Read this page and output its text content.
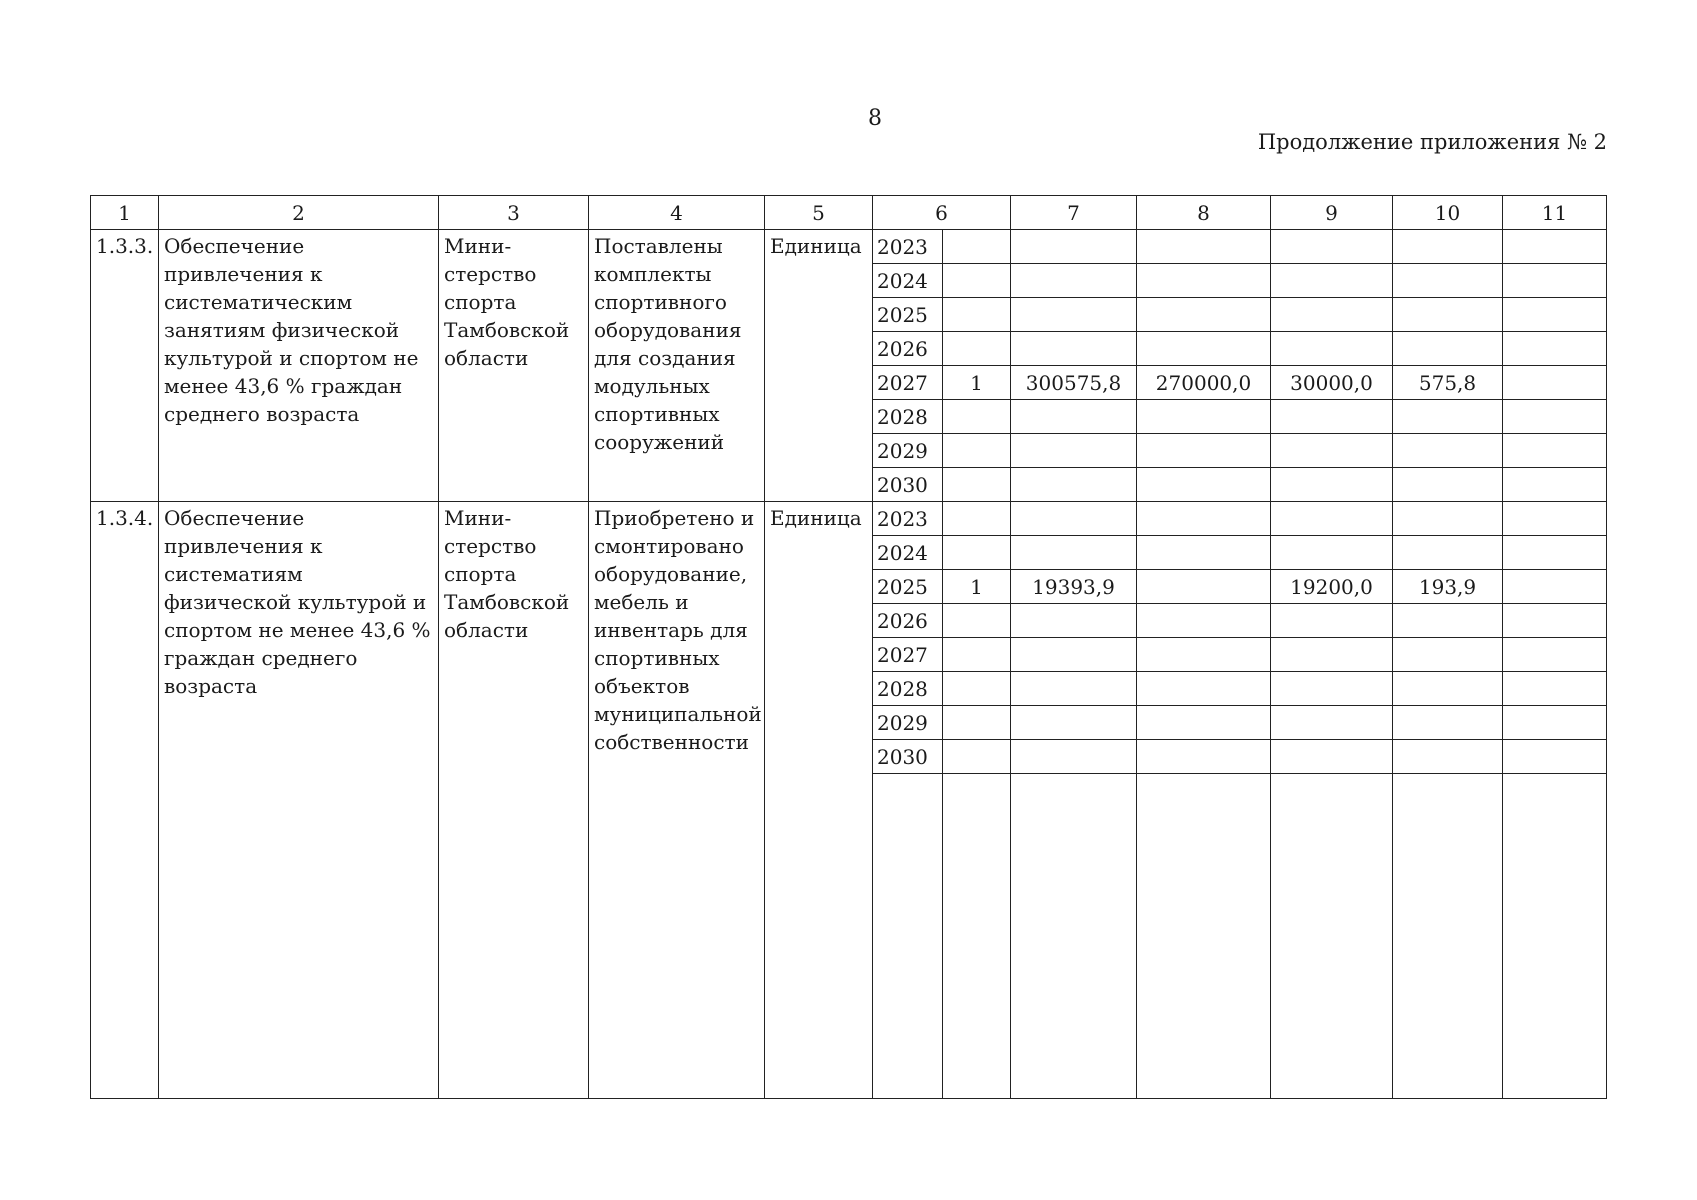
8
Продолжение приложения № 2
1	2	3	4	5	6		7	8	9	10	11
1.3.3.	Обеспечение привлечения к систематическим занятиям физической культурой и спортом не менее 43,6 % граждан среднего возраста	Мини-стерство спорта Тамбовской области	Поставлены комплекты спортивного оборудования для создания модульных спортивных сооружений	Единица	2023						
					2024						
					2025						
					2026						
					2027	1	300575,8	270000,0	30000,0	575,8	
					2028						
					2029						
					2030						
1.3.4.	Обеспечение привлечения к систематиям физической культурой и спортом не менее 43,6 % граждан среднего возраста	Мини-стерство спорта Тамбовской области	Приобретено и смонтировано оборудование, мебель и инвентарь для спортивных объектов муниципальной собственности	Единица	2023						
					2024						
					2025	1	19393,9		19200,0	193,9	
					2026						
					2027						
					2028						
					2029						
					2030						
